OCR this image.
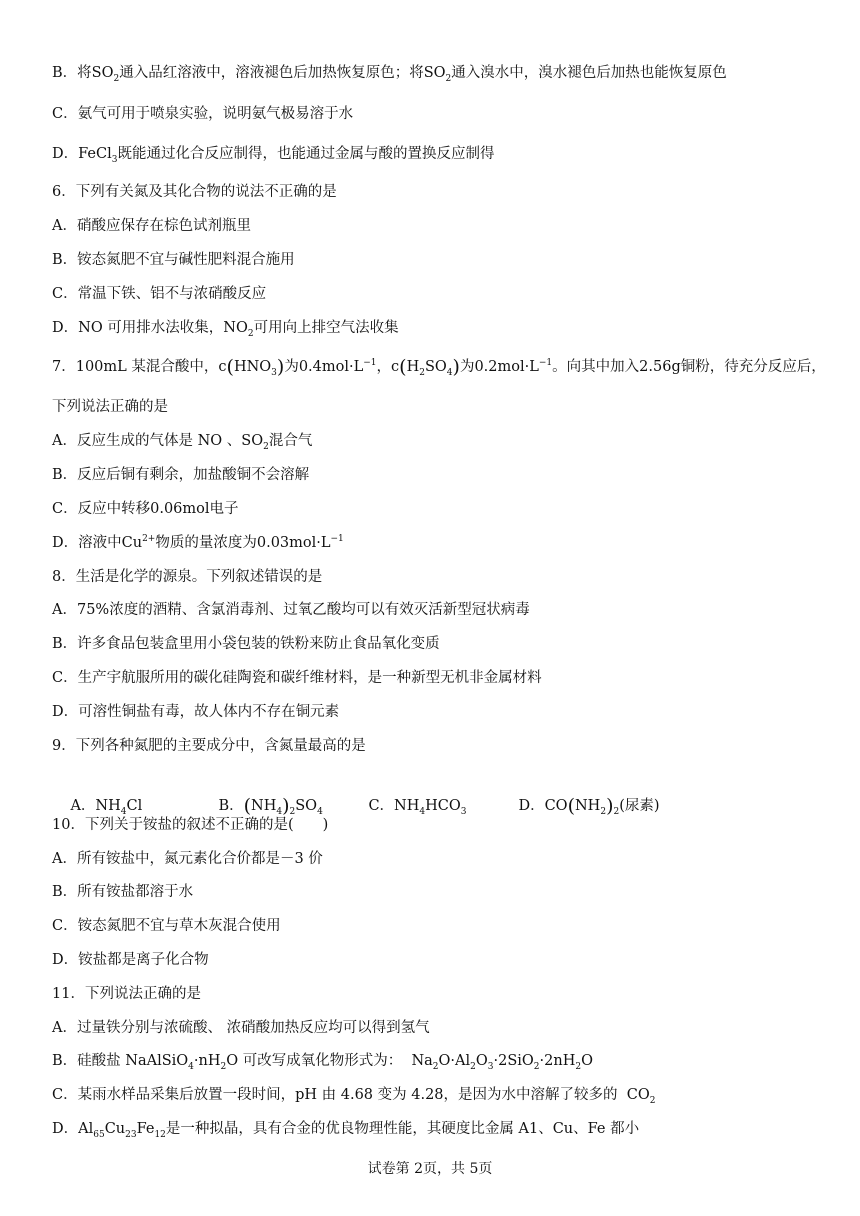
B．将$SO_2$通入品红溶液中，溶液褪色后加热恢复原色；将$SO_2$通入溴水中，溴水褪色后加热也能恢复原色
C．氨气可用于喷泉实验，说明氨气极易溶于水
D．FeCl$_3$既能通过化合反应制得，也能通过金属与酸的置换反应制得
6．下列有关氮及其化合物的说法不正确的是
A．硝酸应保存在棕色试剂瓶里
B．铵态氮肥不宜与碱性肥料混合施用
C．常温下铁、铝不与浓硝酸反应
D．NO 可用排水法收集，$NO_2$可用向上排空气法收集
7．100mL 某混合酸中，$c(HNO_3)$为$0.4mol\cdot L^{-1}$，$c(H_2SO_4)$为$0.2mol\cdot L^{-1}$。向其中加入2.56g铜粉，待充分反应后，
下列说法正确的是
A．反应生成的气体是 NO 、$SO_2$混合气
B．反应后铜有剩余，加盐酸铜不会溶解
C．反应中转移0.06mol电子
D．溶液中$Cu^{2+}$物质的量浓度为$0.03mol\cdot L^{-1}$
8．生活是化学的源泉。下列叙述错误的是
A．75%浓度的酒精、含氯消毒剂、过氧乙酸均可以有效灭活新型冠状病毒
B．许多食品包装盒里用小袋包装的铁粉来防止食品氧化变质
C．生产宇航服所用的碳化硅陶瓷和碳纤维材料，是一种新型无机非金属材料
D．可溶性铜盐有毒，故人体内不存在铜元素
9．下列各种氮肥的主要成分中，含氮量最高的是

A．$NH_4Cl$
	B．$(NH_4)_2SO_4$
	C．$NH_4HCO_3$
	D．$CO(NH_2)_2$(尿素)

10．下列关于铵盐的叙述不正确的是(　　)
A．所有铵盐中，氮元素化合价都是－3 价
B．所有铵盐都溶于水
C．铵态氮肥不宜与草木灰混合使用
D．铵盐都是离子化合物
11．下列说法正确的是
A．过量铁分别与浓硫酸、 浓硝酸加热反应均可以得到氢气
B．硅酸盐 $NaAlSiO_4\cdot nH_2O$ 可改写成氧化物形式为：  $Na_2O\cdot Al_2O_3\cdot 2SiO_2\cdot 2nH_2O$
C．某雨水样品采集后放置一段时间，pH 由 4.68 变为 4.28，是因为水中溶解了较多的  $CO_2$
D．$Al_{65}Cu_{23}Fe_{12}$是一种拟晶，具有合金的优良物理性能，其硬度比金属 A1、Cu、Fe 都小
试卷第 2页，共 5页
